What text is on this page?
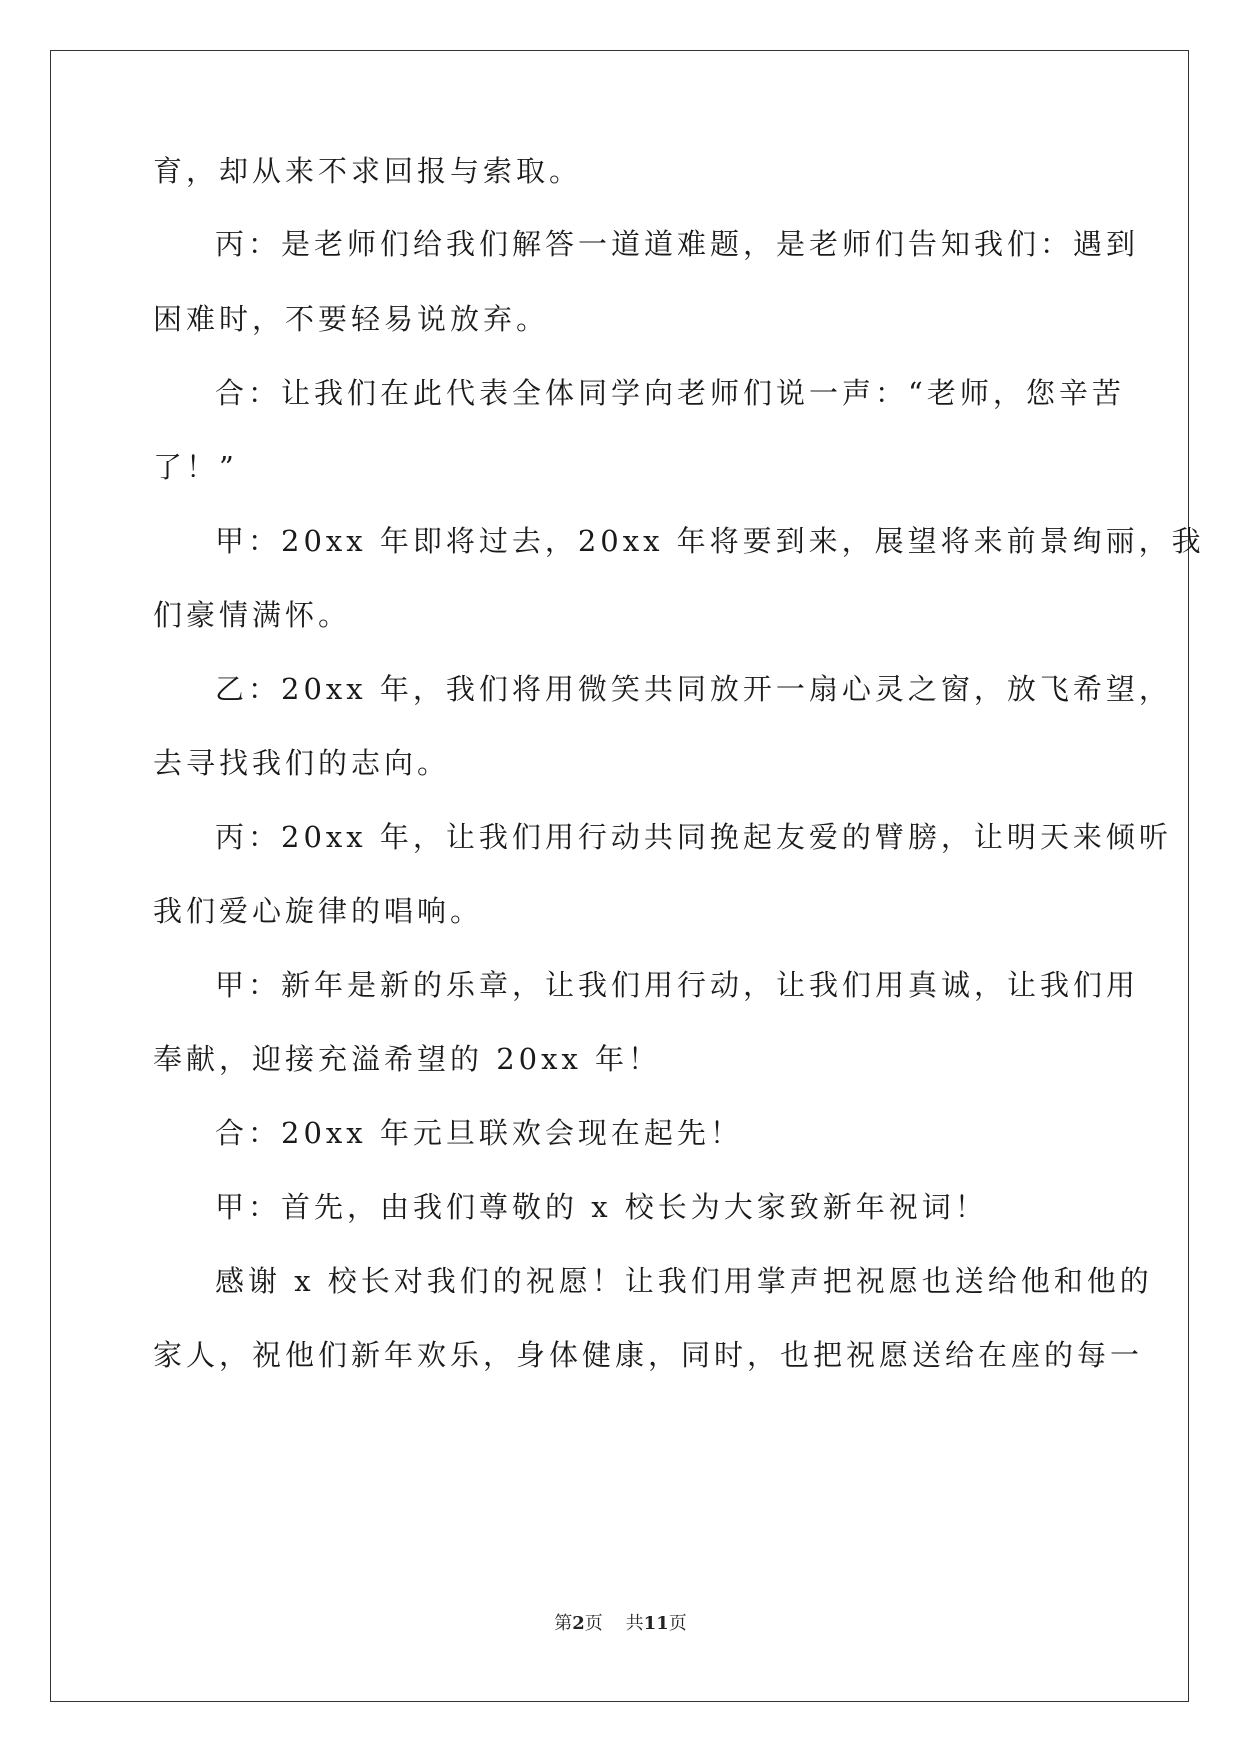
育，却从来不求回报与索取。
丙：是老师们给我们解答一道道难题，是老师们告知我们：遇到
困难时，不要轻易说放弃。
合：让我们在此代表全体同学向老师们说一声：“老师，您辛苦
了！”
甲：20xx 年即将过去，20xx 年将要到来，展望将来前景绚丽，我
们豪情满怀。
乙：20xx 年，我们将用微笑共同放开一扇心灵之窗，放飞希望，
去寻找我们的志向。
丙：20xx 年，让我们用行动共同挽起友爱的臂膀，让明天来倾听
我们爱心旋律的唱响。
甲：新年是新的乐章，让我们用行动，让我们用真诚，让我们用
奉献，迎接充溢希望的 20xx 年！
合：20xx 年元旦联欢会现在起先！
甲：首先，由我们尊敬的 x 校长为大家致新年祝词！
感谢 x 校长对我们的祝愿！让我们用掌声把祝愿也送给他和他的
家人，祝他们新年欢乐，身体健康，同时，也把祝愿送给在座的每一
第2页 共11页
